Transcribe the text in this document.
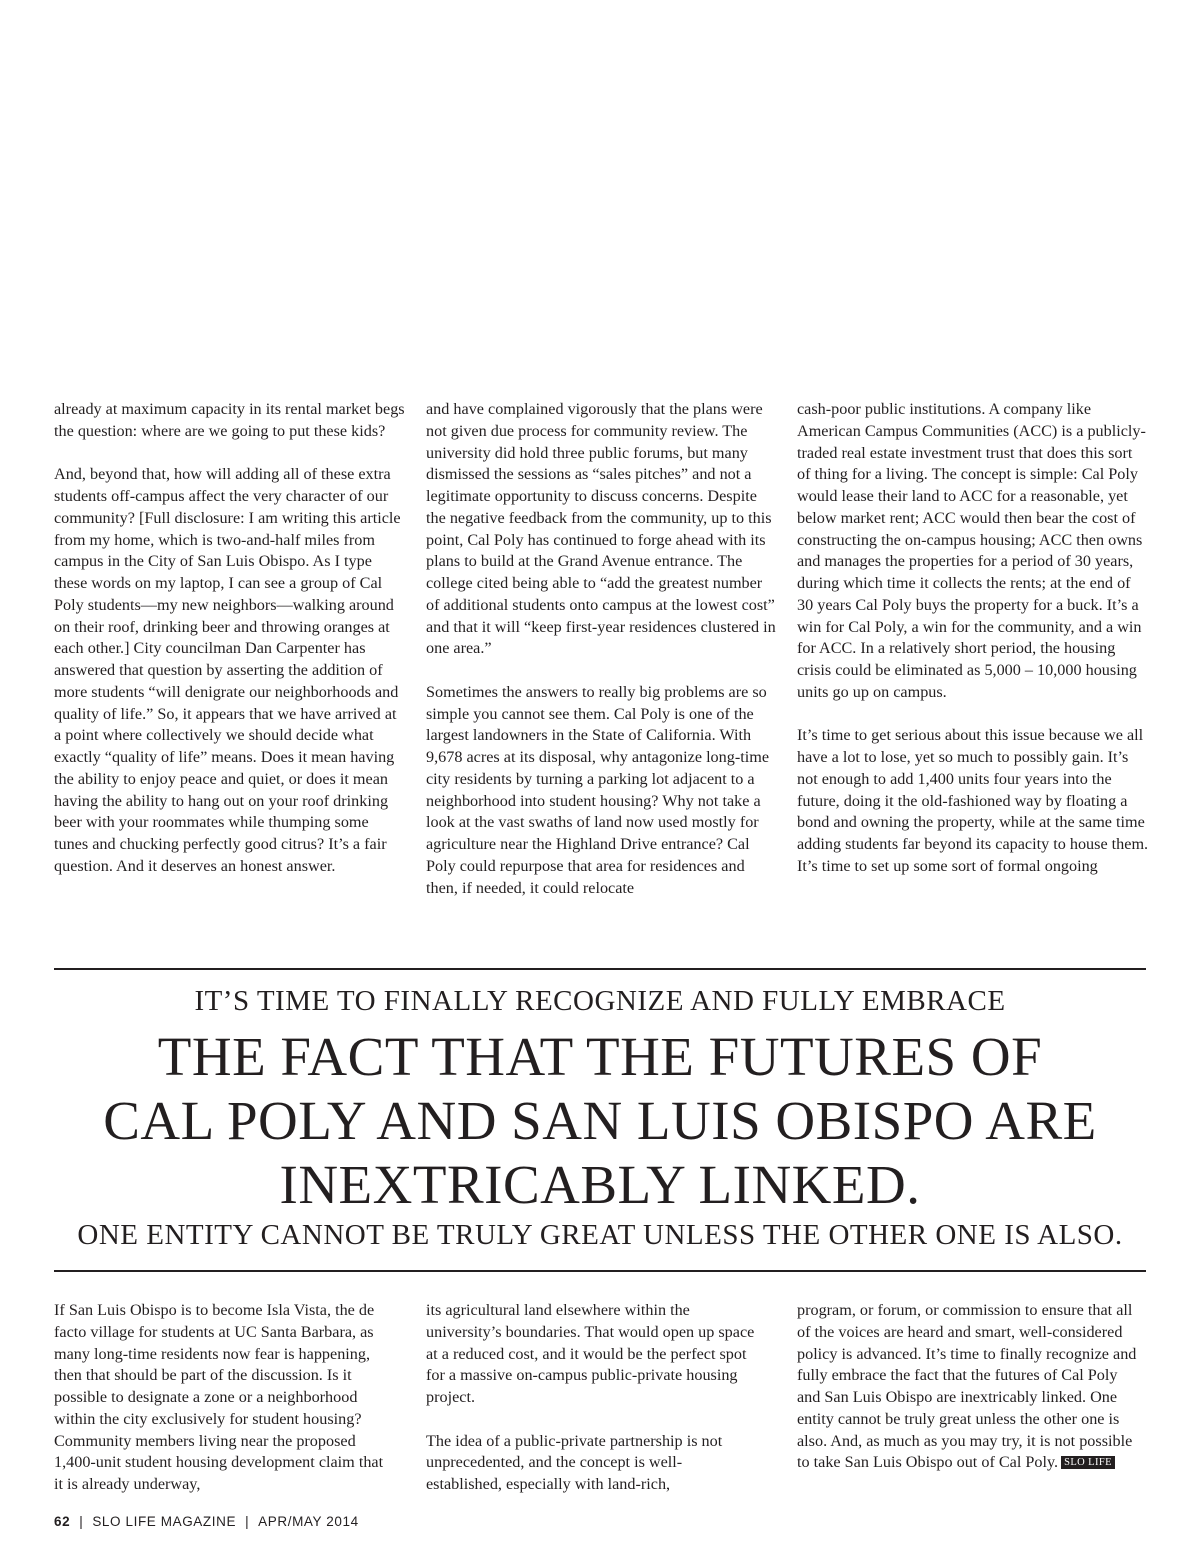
already at maximum capacity in its rental market begs the question: where are we going to put these kids?

And, beyond that, how will adding all of these extra students off-campus affect the very character of our community? [Full disclosure: I am writing this article from my home, which is two-and-half miles from campus in the City of San Luis Obispo. As I type these words on my laptop, I can see a group of Cal Poly students—my new neighbors—walking around on their roof, drinking beer and throwing oranges at each other.] City councilman Dan Carpenter has answered that question by asserting the addition of more students “will denigrate our neighborhoods and quality of life.” So, it appears that we have arrived at a point where collectively we should decide what exactly “quality of life” means. Does it mean having the ability to enjoy peace and quiet, or does it mean having the ability to hang out on your roof drinking beer with your roommates while thumping some tunes and chucking perfectly good citrus? It’s a fair question. And it deserves an honest answer.

and have complained vigorously that the plans were not given due process for community review. The university did hold three public forums, but many dismissed the sessions as “sales pitches” and not a legitimate opportunity to discuss concerns. Despite the negative feedback from the community, up to this point, Cal Poly has continued to forge ahead with its plans to build at the Grand Avenue entrance. The college cited being able to “add the greatest number of additional students onto campus at the lowest cost” and that it will “keep first-year residences clustered in one area.”

Sometimes the answers to really big problems are so simple you cannot see them. Cal Poly is one of the largest landowners in the State of California. With 9,678 acres at its disposal, why antagonize long-time city residents by turning a parking lot adjacent to a neighborhood into student housing? Why not take a look at the vast swaths of land now used mostly for agriculture near the Highland Drive entrance? Cal Poly could repurpose that area for residences and then, if needed, it could relocate

cash-poor public institutions. A company like American Campus Communities (ACC) is a publicly-traded real estate investment trust that does this sort of thing for a living. The concept is simple: Cal Poly would lease their land to ACC for a reasonable, yet below market rent; ACC would then bear the cost of constructing the on-campus housing; ACC then owns and manages the properties for a period of 30 years, during which time it collects the rents; at the end of 30 years Cal Poly buys the property for a buck. It’s a win for Cal Poly, a win for the community, and a win for ACC. In a relatively short period, the housing crisis could be eliminated as 5,000 – 10,000 housing units go up on campus.

It’s time to get serious about this issue because we all have a lot to lose, yet so much to possibly gain. It’s not enough to add 1,400 units four years into the future, doing it the old-fashioned way by floating a bond and owning the property, while at the same time adding students far beyond its capacity to house them. It’s time to set up some sort of formal ongoing

IT’S TIME TO FINALLY RECOGNIZE AND FULLY EMBRACE
THE FACT THAT THE FUTURES OF
CAL POLY AND SAN LUIS OBISPO ARE
INEXTRICABLY LINKED.
ONE ENTITY CANNOT BE TRULY GREAT UNLESS THE OTHER ONE IS ALSO.

If San Luis Obispo is to become Isla Vista, the de facto village for students at UC Santa Barbara, as many long-time residents now fear is happening, then that should be part of the discussion. Is it possible to designate a zone or a neighborhood within the city exclusively for student housing? Community members living near the proposed 1,400-unit student housing development claim that it is already underway,

its agricultural land elsewhere within the university’s boundaries. That would open up space at a reduced cost, and it would be the perfect spot for a massive on-campus public-private housing project.

The idea of a public-private partnership is not unprecedented, and the concept is well-established, especially with land-rich,

program, or forum, or commission to ensure that all of the voices are heard and smart, well-considered policy is advanced. It’s time to finally recognize and fully embrace the fact that the futures of Cal Poly and San Luis Obispo are inextricably linked. One entity cannot be truly great unless the other one is also. And, as much as you may try, it is not possible to take San Luis Obispo out of Cal Poly. SLO LIFE

62 | SLO LIFE MAGAZINE | APR/MAY 2014
